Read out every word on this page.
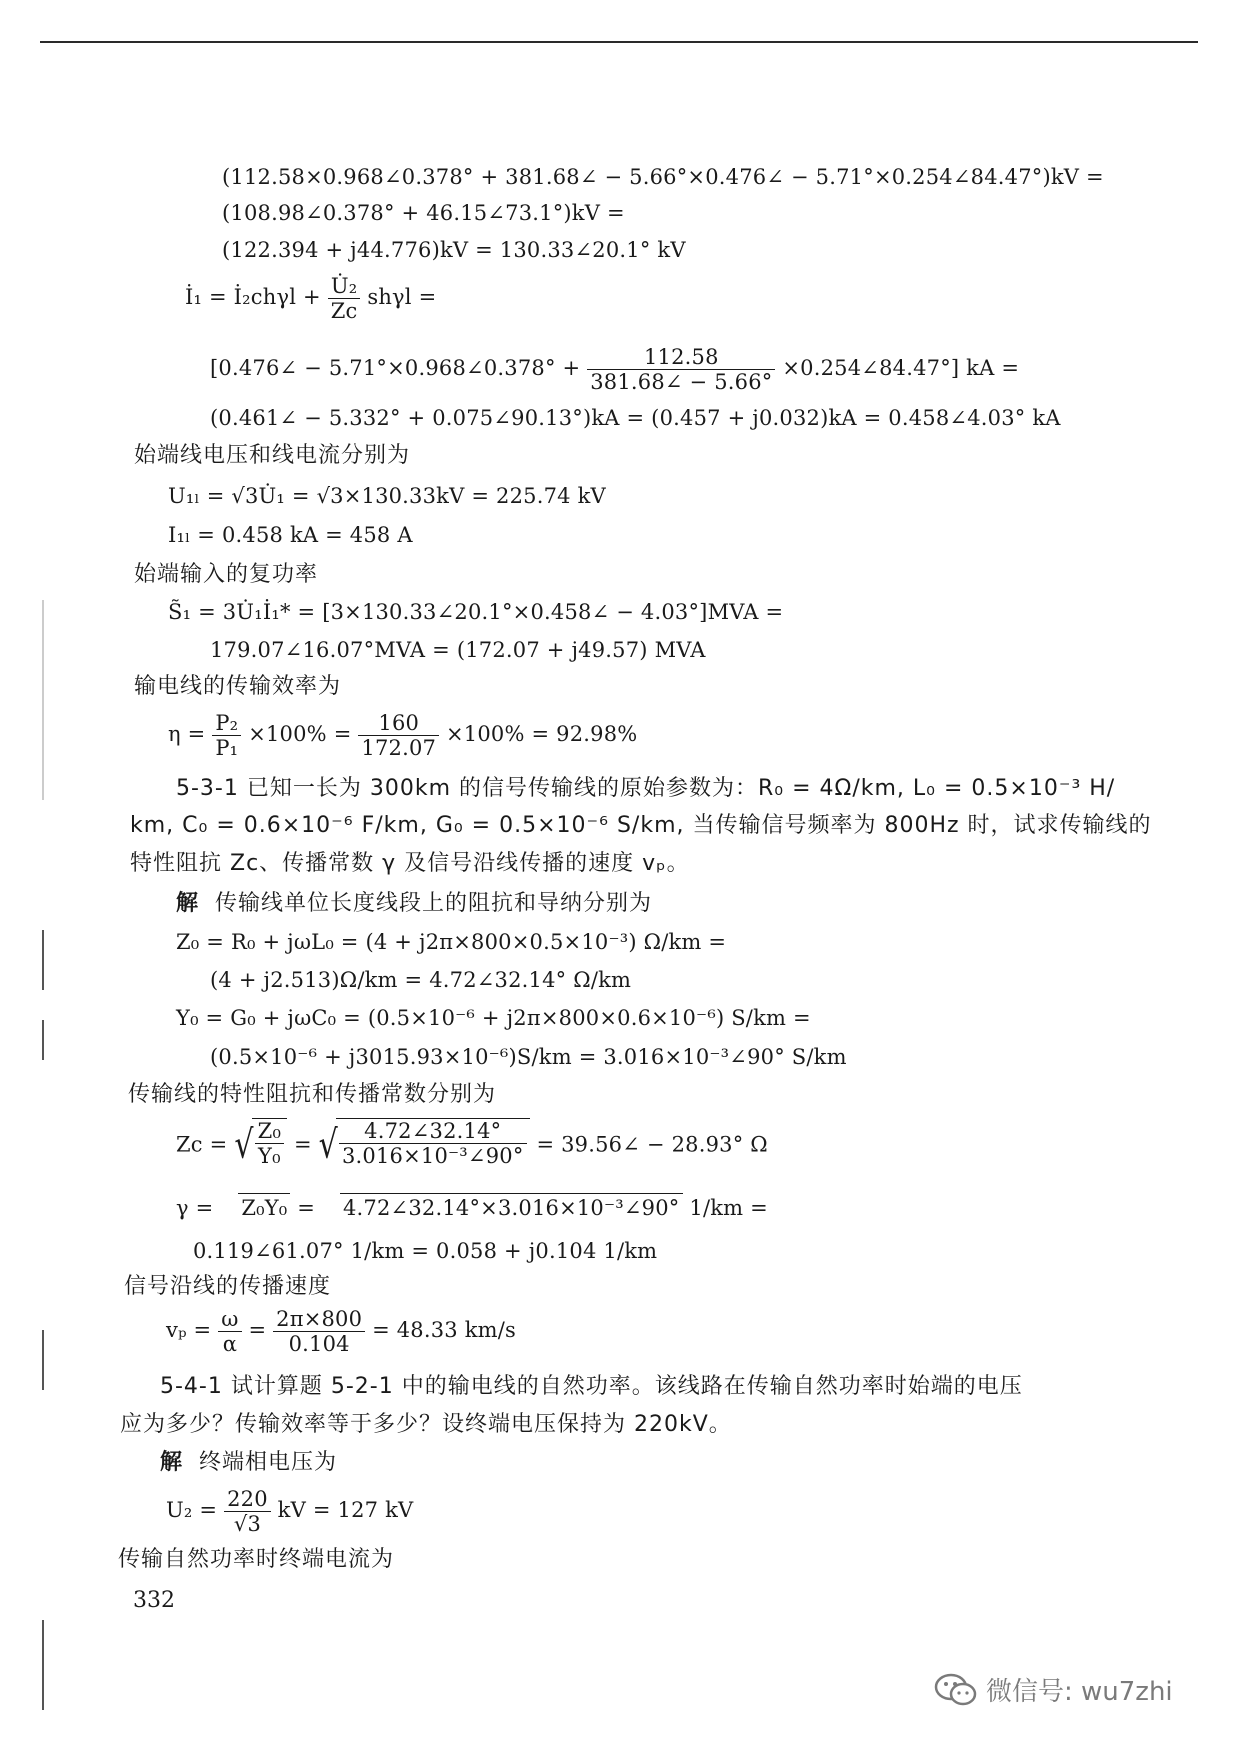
(112.58×0.968∠0.378° + 381.68∠ − 5.66°×0.476∠ − 5.71°×0.254∠84.47°)kV =
(108.98∠0.378° + 46.15∠73.1°)kV =
(122.394 + j44.776)kV = 130.33∠20.1° kV
İ₁ = İ₂chγl + $\frac{\text{U̇₂}}{Zc}$ shγl =
[0.476∠ − 5.71°×0.968∠0.378° + $\frac{112.58}{381.68\angle - 5.66^\circ}$ ×0.254∠84.47°] kA =
(0.461∠ − 5.332° + 0.075∠90.13°)kA = (0.457 + j0.032)kA = 0.458∠4.03° kA
始端线电压和线电流分别为
U₁ₗ = √3U̇₁ = √3×130.33kV = 225.74 kV
I₁ₗ = 0.458 kA = 458 A
始端输入的复功率
S̃₁ = 3U̇₁İ₁* = [3×130.33∠20.1°×0.458∠ − 4.03°]MVA =
179.07∠16.07°MVA = (172.07 + j49.57) MVA
输电线的传输效率为
$\eta = \frac{\text{P₂}}{\text{P₁}} \times 100\% = \frac{160}{172.07} \times 100\% = 92.98\%$
5-3-1 已知一长为 300km 的信号传输线的原始参数为：R₀ = 4Ω/km, L₀ = 0.5×10⁻³ H/
km, C₀ = 0.6×10⁻⁶ F/km, G₀ = 0.5×10⁻⁶ S/km, 当传输信号频率为 800Hz 时，试求传输线的
特性阻抗 Zc、传播常数 γ 及信号沿线传播的速度 vₚ。
解 传输线单位长度线段上的阻抗和导纳分别为
Z₀ = R₀ + jωL₀ = (4 + j2π×800×0.5×10⁻³) Ω/km =
(4 + j2.513)Ω/km = 4.72∠32.14° Ω/km
Y₀ = G₀ + jωC₀ = (0.5×10⁻⁶ + j2π×800×0.6×10⁻⁶) S/km =
(0.5×10⁻⁶ + j3015.93×10⁻⁶)S/km = 3.016×10⁻³∠90° S/km
传输线的特性阻抗和传播常数分别为
Zc = √ $\frac{\text{Z₀}}{\text{Y₀}}$ = √ $\frac{4.72\angle 32.14^\circ}{\text{3.016×10⁻³∠90°}}$ = 39.56∠ − 28.93° Ω
γ = Z₀Y₀ = 4.72∠32.14°×3.016×10⁻³∠90° 1/km =
0.119∠61.07° 1/km = 0.058 + j0.104 1/km
信号沿线的传播速度
$v_p = \frac{\omega}{\alpha} = \frac{2\pi\times 800}{0.104} = 48.33$ km/s
5-4-1 试计算题 5-2-1 中的输电线的自然功率。该线路在传输自然功率时始端的电压
应为多少？传输效率等于多少？设终端电压保持为 220kV。
解 终端相电压为
$U_2 = \frac{220}{√3}$ kV = 127 kV
传输自然功率时终端电流为
332
微信号: wu7zhi
